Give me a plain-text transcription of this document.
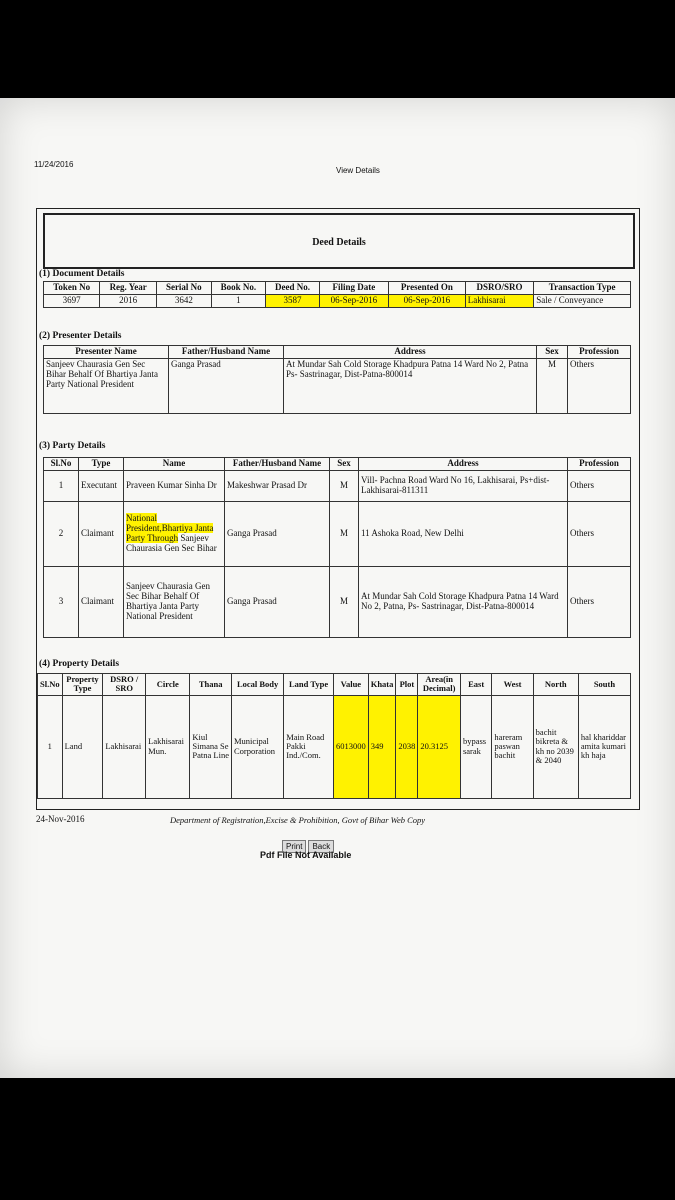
11/24/2016
View Details
Deed Details
(1) Document Details
Token No	Reg. Year	Serial No	Book No.	Deed No.	Filing Date	Presented On	DSRO/SRO	Transaction Type
3697	2016	3642	1	3587	06-Sep-2016	06-Sep-2016	Lakhisarai	Sale / Conveyance
(2) Presenter Details
Presenter Name	Father/Husband Name	Address	Sex	Profession
Sanjeev Chaurasia Gen Sec Bihar Behalf Of Bhartiya Janta Party National President	Ganga Prasad	At Mundar Sah Cold Storage Khadpura Patna 14 Ward No 2, Patna Ps- Sastrinagar, Dist-Patna-800014	M	Others
(3) Party Details
Sl.No	Type	Name	Father/Husband Name	Sex	Address	Profession
1	Executant	Praveen Kumar Sinha Dr	Makeshwar Prasad Dr	M	Vill- Pachna Road Ward No 16, Lakhisarai, Ps+dist-Lakhisarai-811311	Others
2	Claimant	National President,Bhartiya Janta Party Through Sanjeev Chaurasia Gen Sec Bihar	Ganga Prasad	M	11 Ashoka Road, New Delhi	Others
3	Claimant	Sanjeev Chaurasia Gen Sec Bihar Behalf Of Bhartiya Janta Party National President	Ganga Prasad	M	At Mundar Sah Cold Storage Khadpura Patna 14 Ward No 2, Patna, Ps- Sastrinagar, Dist-Patna-800014	Others
(4) Property Details
Sl.No	Property Type	DSRO / SRO	Circle	Thana	Local Body	Land Type	Value	Khata	Plot	Area(in Decimal)	East	West	North	South
1	Land	Lakhisarai	Lakhisarai Mun.	Kiul Simana Se Patna Line	Municipal Corporation	Main Road Pakki Ind./Com.	6013000	349	2038	20.3125	bypass sarak	hareram paswan bachit	bachit bikreta & kh no 2039 & 2040	hal khariddar amita kumari kh haja
24-Nov-2016	Department of Registration,Excise & Prohibition, Govt of Bihar Web Copy
Print Back
Pdf File Not Available
